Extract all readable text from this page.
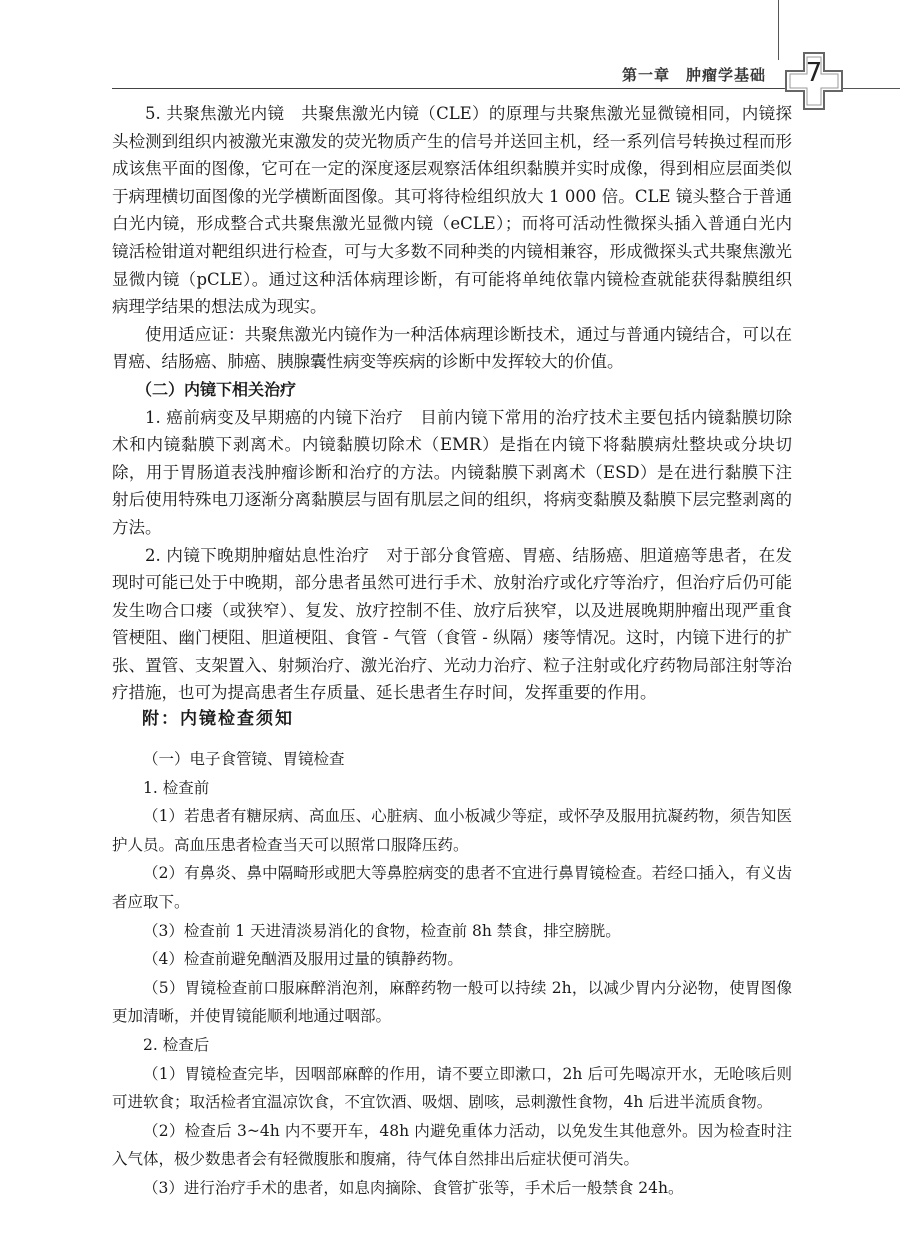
第一章　肿瘤学基础	7

5. 共聚焦激光内镜　共聚焦激光内镜（CLE）的原理与共聚焦激光显微镜相同，内镜探头检测到组织内被激光束激发的荧光物质产生的信号并送回主机，经一系列信号转换过程而形成该焦平面的图像，它可在一定的深度逐层观察活体组织黏膜并实时成像，得到相应层面类似于病理横切面图像的光学横断面图像。其可将待检组织放大 1 000 倍。CLE 镜头整合于普通白光内镜，形成整合式共聚焦激光显微内镜（eCLE）；而将可活动性微探头插入普通白光内镜活检钳道对靶组织进行检查，可与大多数不同种类的内镜相兼容，形成微探头式共聚焦激光显微内镜（pCLE）。通过这种活体病理诊断，有可能将单纯依靠内镜检查就能获得黏膜组织病理学结果的想法成为现实。

使用适应证：共聚焦激光内镜作为一种活体病理诊断技术，通过与普通内镜结合，可以在胃癌、结肠癌、肺癌、胰腺囊性病变等疾病的诊断中发挥较大的价值。

（二）内镜下相关治疗

1. 癌前病变及早期癌的内镜下治疗　目前内镜下常用的治疗技术主要包括内镜黏膜切除术和内镜黏膜下剥离术。内镜黏膜切除术（EMR）是指在内镜下将黏膜病灶整块或分块切除，用于胃肠道表浅肿瘤诊断和治疗的方法。内镜黏膜下剥离术（ESD）是在进行黏膜下注射后使用特殊电刀逐渐分离黏膜层与固有肌层之间的组织，将病变黏膜及黏膜下层完整剥离的方法。

2. 内镜下晚期肿瘤姑息性治疗　对于部分食管癌、胃癌、结肠癌、胆道癌等患者，在发现时可能已处于中晚期，部分患者虽然可进行手术、放射治疗或化疗等治疗，但治疗后仍可能发生吻合口瘘（或狭窄）、复发、放疗控制不佳、放疗后狭窄，以及进展晚期肿瘤出现严重食管梗阻、幽门梗阻、胆道梗阻、食管 - 气管（食管 - 纵隔）瘘等情况。这时，内镜下进行的扩张、置管、支架置入、射频治疗、激光治疗、光动力治疗、粒子注射或化疗药物局部注射等治疗措施，也可为提高患者生存质量、延长患者生存时间，发挥重要的作用。

附：内镜检查须知

（一）电子食管镜、胃镜检查

1. 检查前

（1）若患者有糖尿病、高血压、心脏病、血小板减少等症，或怀孕及服用抗凝药物，须告知医护人员。高血压患者检查当天可以照常口服降压药。

（2）有鼻炎、鼻中隔畸形或肥大等鼻腔病变的患者不宜进行鼻胃镜检查。若经口插入，有义齿者应取下。

（3）检查前 1 天进清淡易消化的食物，检查前 8h 禁食，排空膀胱。

（4）检查前避免酗酒及服用过量的镇静药物。

（5）胃镜检查前口服麻醉消泡剂，麻醉药物一般可以持续 2h，以减少胃内分泌物，使胃图像更加清晰，并使胃镜能顺利地通过咽部。

2. 检查后

（1）胃镜检查完毕，因咽部麻醉的作用，请不要立即漱口，2h 后可先喝凉开水，无呛咳后则可进软食；取活检者宜温凉饮食，不宜饮酒、吸烟、剧咳，忌刺激性食物，4h 后进半流质食物。

（2）检查后 3~4h 内不要开车，48h 内避免重体力活动，以免发生其他意外。因为检查时注入气体，极少数患者会有轻微腹胀和腹痛，待气体自然排出后症状便可消失。

（3）进行治疗手术的患者，如息肉摘除、食管扩张等，手术后一般禁食 24h。
